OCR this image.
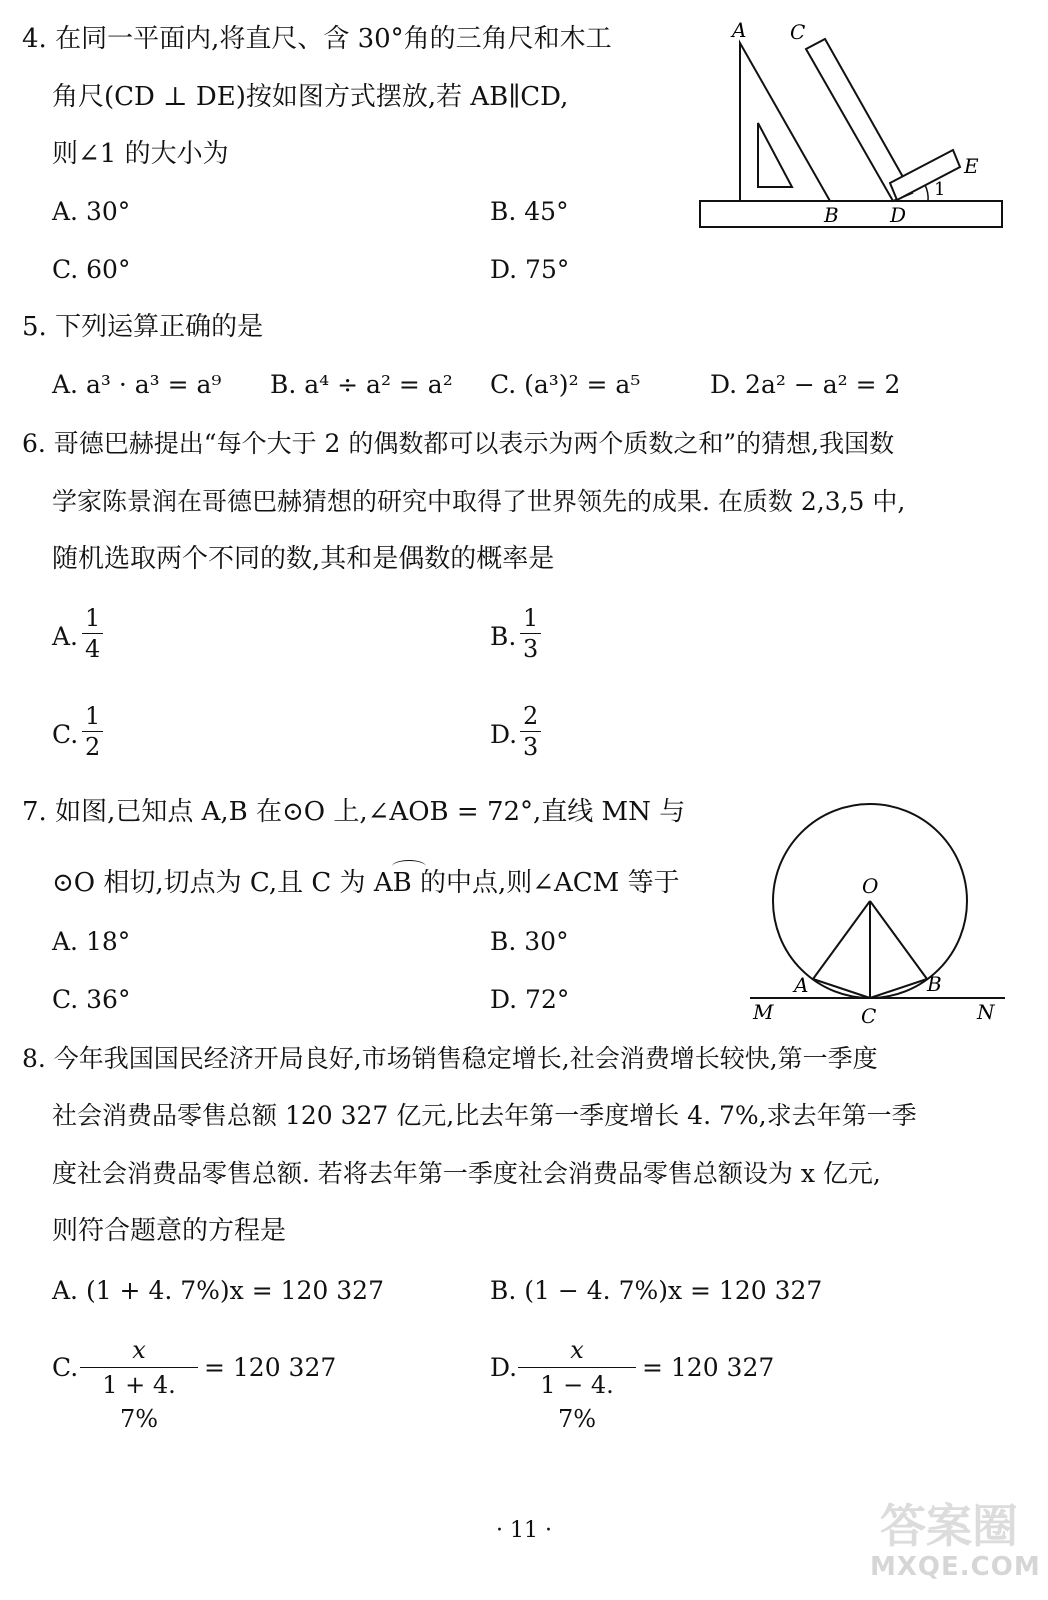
4. 在同一平面内,将直尺、含 30°角的三角尺和木工
角尺(CD ⊥ DE)按如图方式摆放,若 AB∥CD,
则∠1 的大小为
A. 30°	B. 45°
C. 60°	D. 75°
A C
E
1
B	D
5. 下列运算正确的是
A. a³ · a³ = a⁹ B. a⁴ ÷ a² = a² C. (a³)² = a⁵	D. 2a² − a² = 2
6. 哥德巴赫提出“每个大于 2 的偶数都可以表示为两个质数之和”的猜想,我国数
学家陈景润在哥德巴赫猜想的研究中取得了世界领先的成果. 在质数 2,3,5 中,
随机选取两个不同的数,其和是偶数的概率是
A. $\frac{1}{4}$	B. $\frac{1}{3}$
C. $\frac{1}{2}$	D. $\frac{2}{3}$
7. 如图,已知点 A,B 在⊙O 上,∠AOB = 72°,直线 MN 与
⊙O 相切,切点为 C,且 C 为 AB 的中点,则∠ACM 等于
A. 18°	B. 30°
C. 36°	D. 72°
O
A	B
M	C	N
8. 今年我国国民经济开局良好,市场销售稳定增长,社会消费增长较快,第一季度
社会消费品零售总额 120 327 亿元,比去年第一季度增长 4. 7%,求去年第一季
度社会消费品零售总额. 若将去年第一季度社会消费品零售总额设为 x 亿元,
则符合题意的方程是
A. (1 + 4. 7%)x = 120 327	B. (1 − 4. 7%)x = 120 327
C. $\frac{x}{1 + 4. 7\%} = 120$ 327	D. $\frac{x}{1 - 4. 7\%} = 120$ 327
· 11 ·	答案圈
MXQE.COM
